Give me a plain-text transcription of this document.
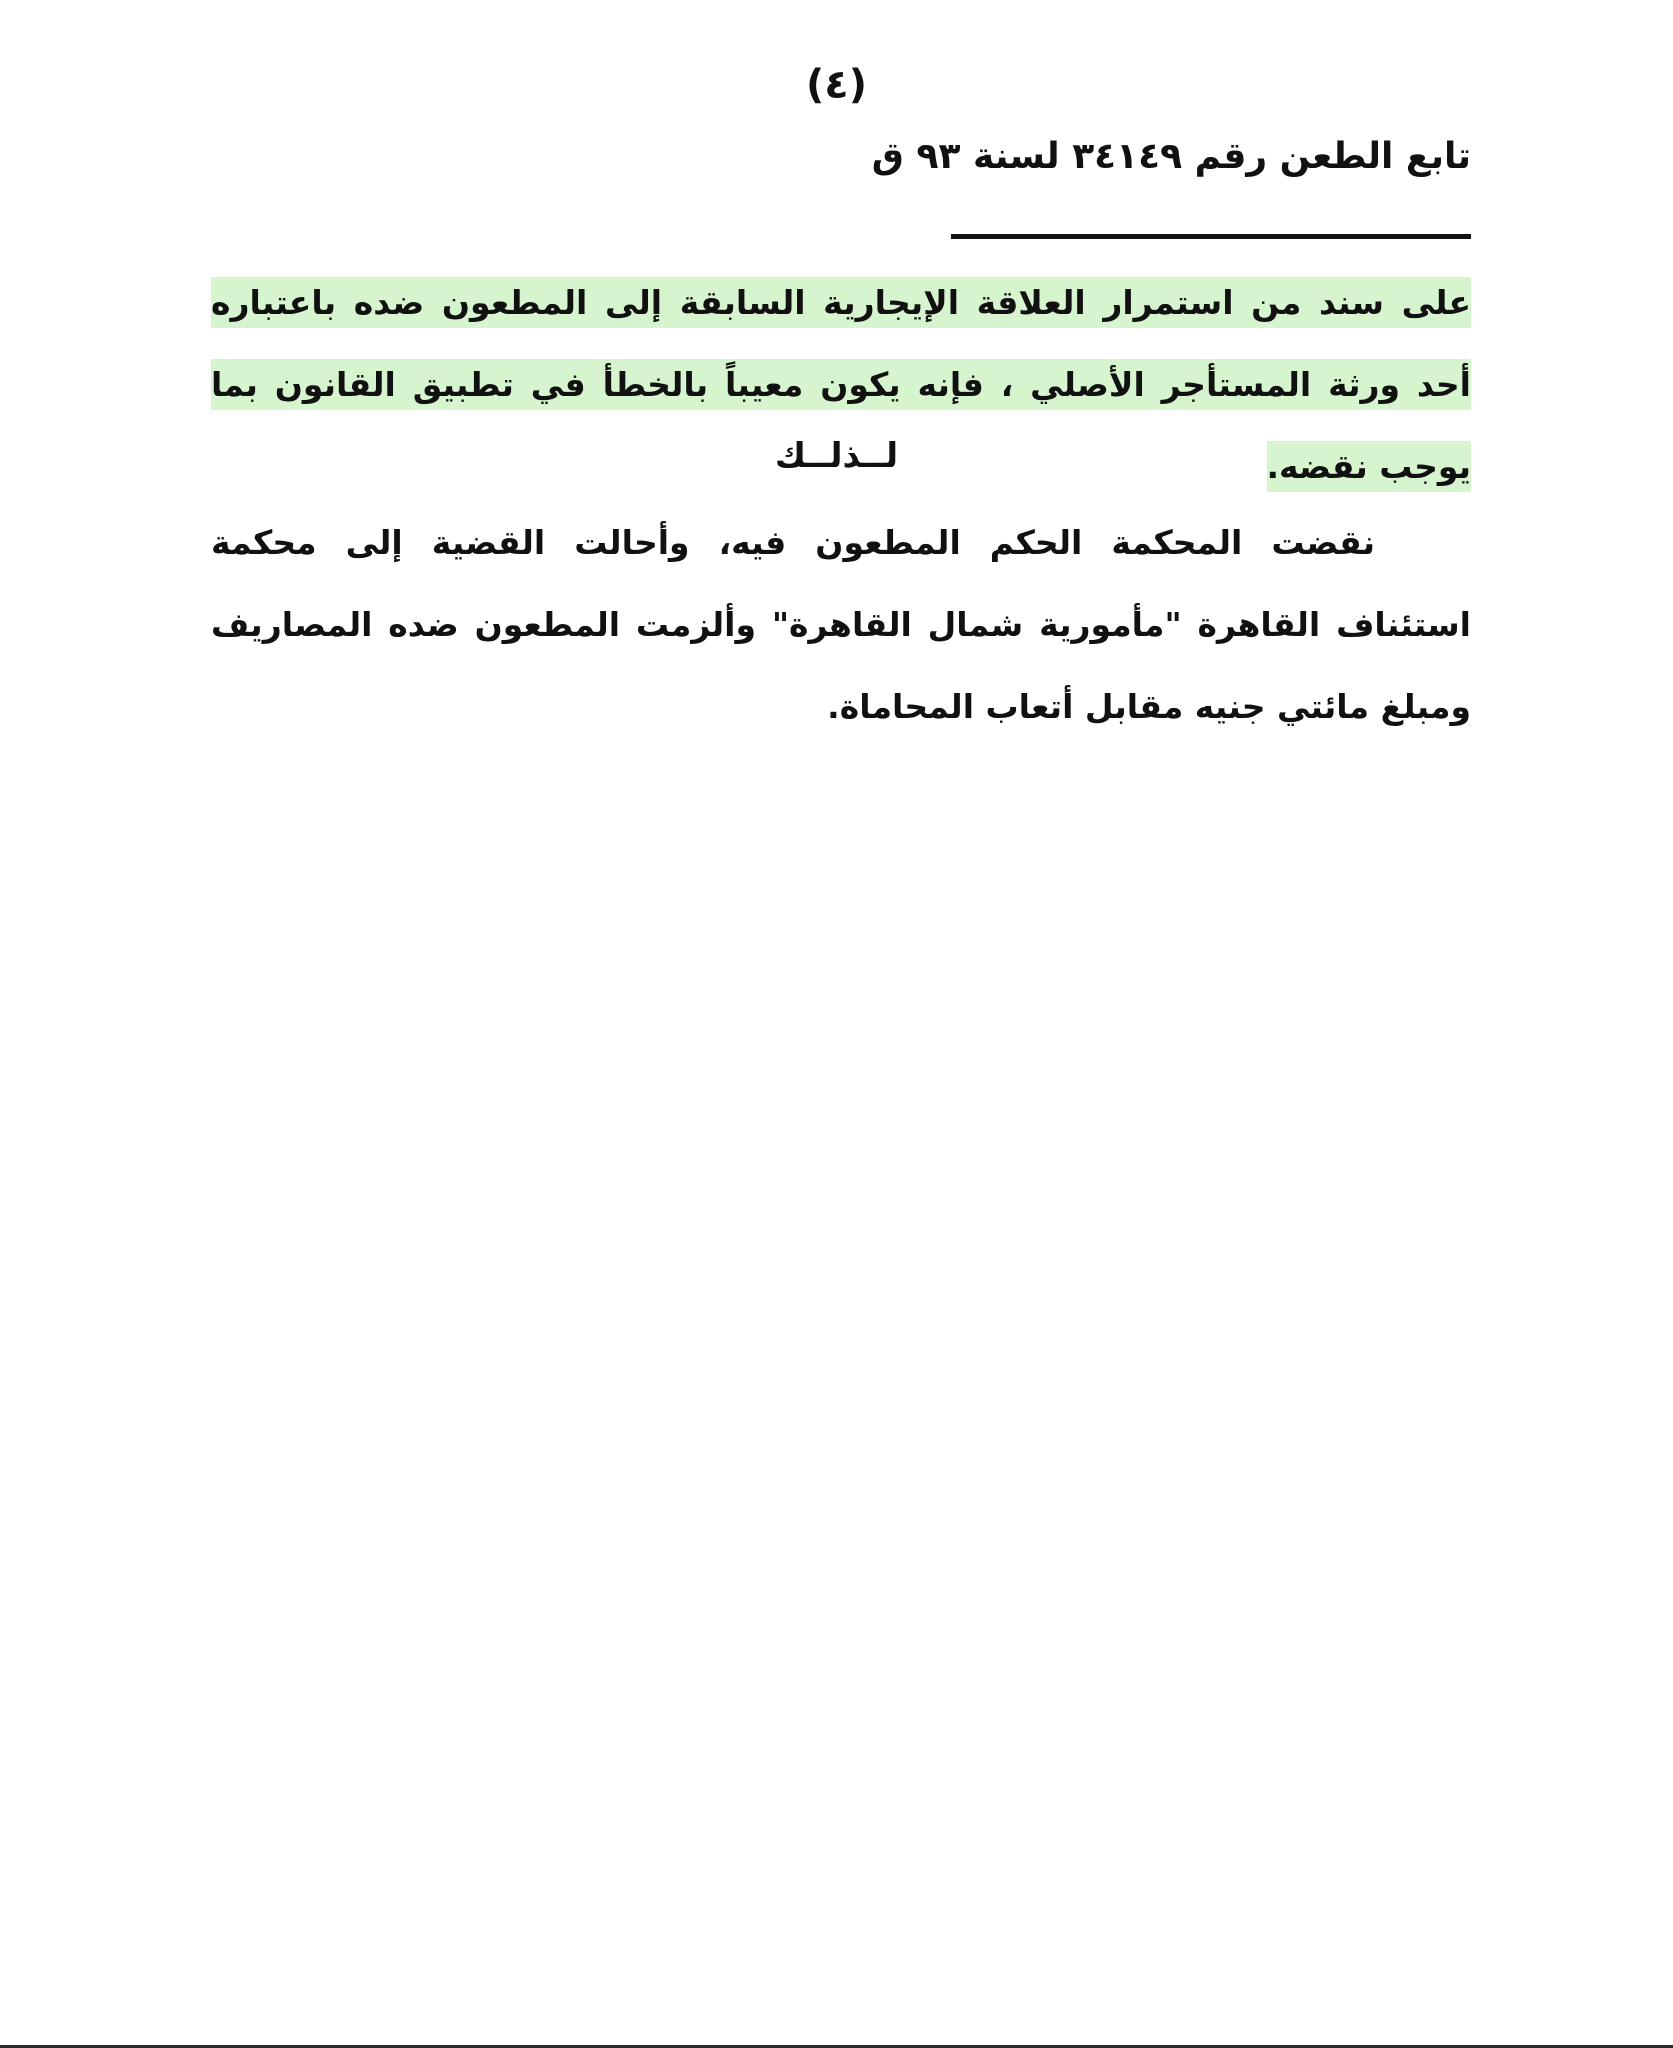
(٤)
تابع الطعن رقم ٣٤١٤٩ لسنة ٩٣ ق
على سند من استمرار العلاقة الإيجارية السابقة إلى المطعون ضده باعتباره أحد ورثة المستأجر الأصلي ، فإنه يكون معيباً بالخطأ في تطبيق القانون بما يوجب نقضه.
لــذلــك
نقضت المحكمة الحكم المطعون فيه، وأحالت القضية إلى محكمة استئناف القاهرة "مأمورية شمال القاهرة" وألزمت المطعون ضده المصاريف ومبلغ مائتي جنيه مقابل أتعاب المحاماة.
